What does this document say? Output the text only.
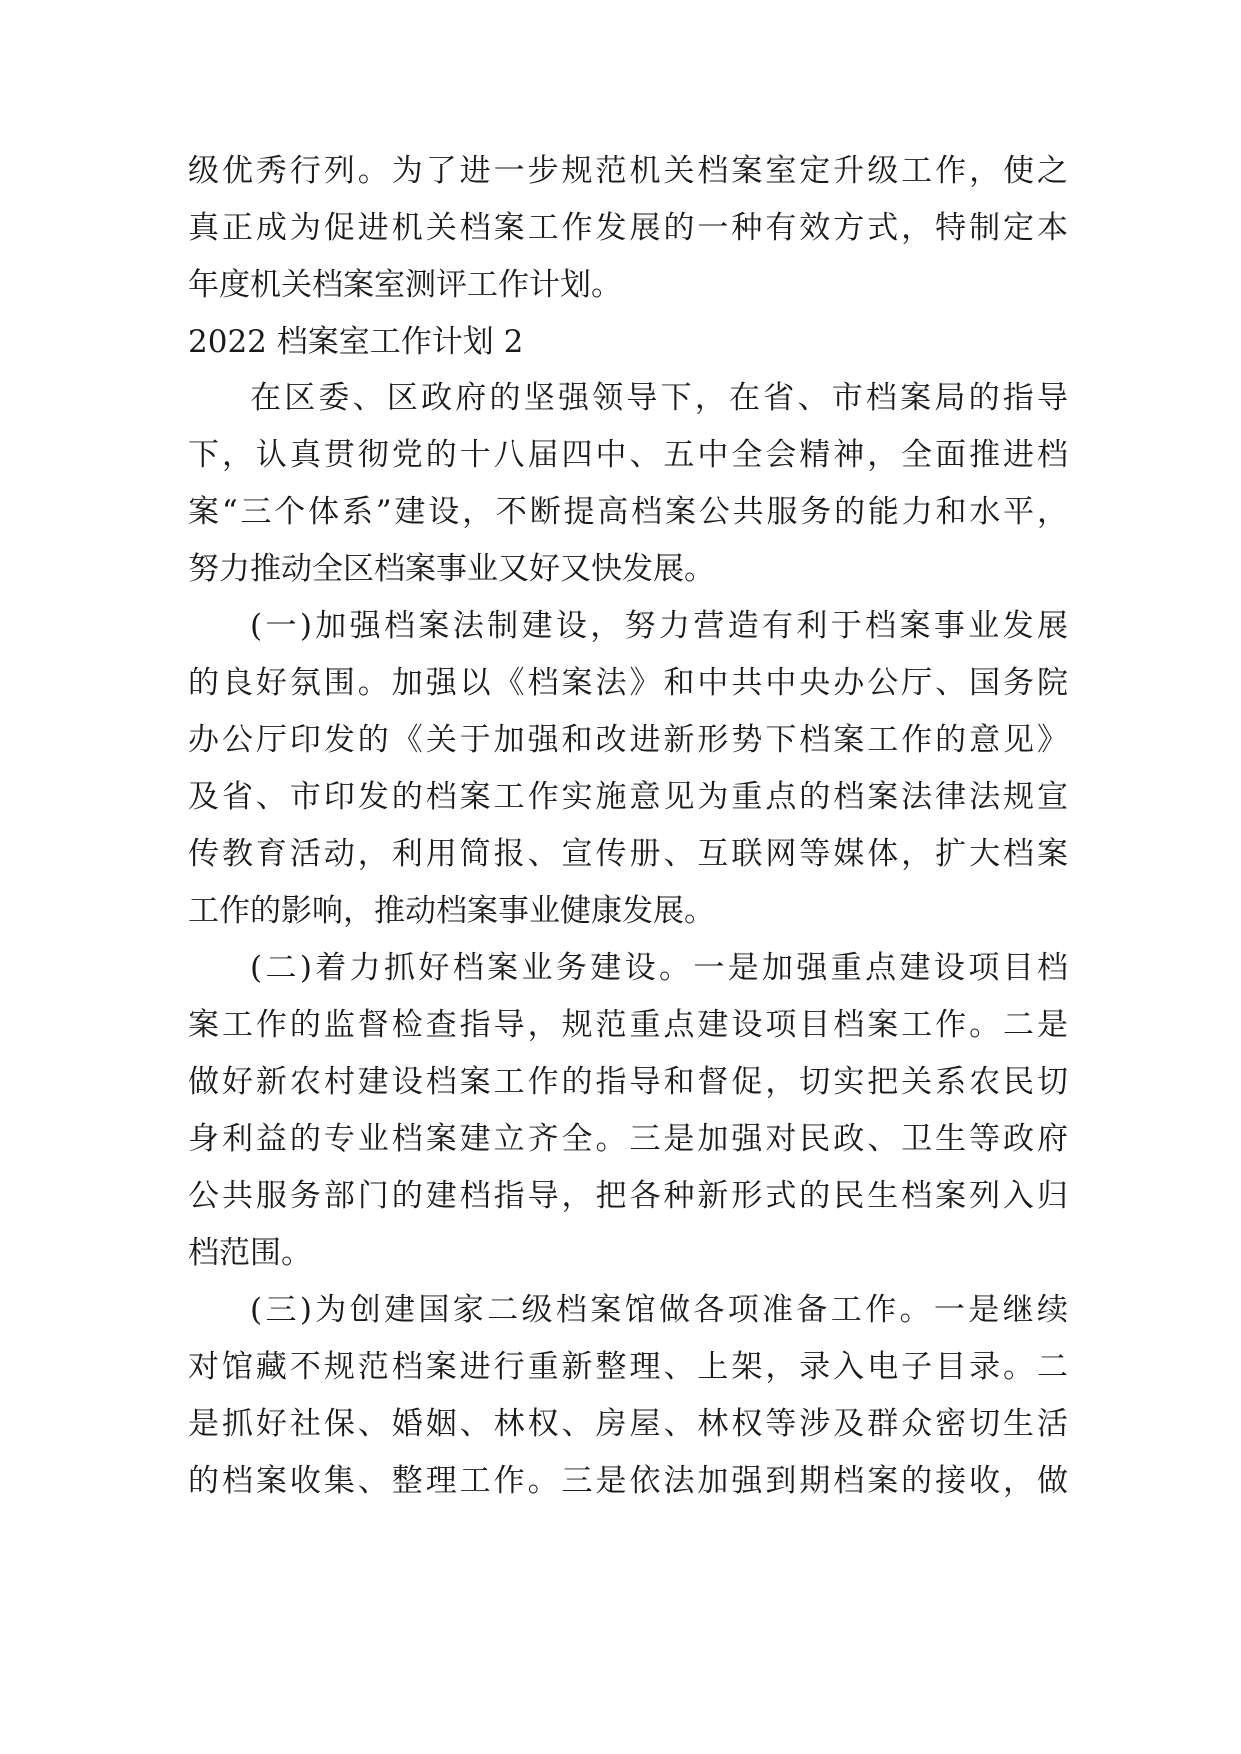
级优秀行列。为了进一步规范机关档案室定升级工作，使之
真正成为促进机关档案工作发展的一种有效方式，特制定本
年度机关档案室测评工作计划。
2022 档案室工作计划 2
在区委、区政府的坚强领导下，在省、市档案局的指导
下，认真贯彻党的十八届四中、五中全会精神，全面推进档
案“三个体系”建设，不断提高档案公共服务的能力和水平，
努力推动全区档案事业又好又快发展。
(一)加强档案法制建设，努力营造有利于档案事业发展
的良好氛围。加强以《档案法》和中共中央办公厅、国务院
办公厅印发的《关于加强和改进新形势下档案工作的意见》
及省、市印发的档案工作实施意见为重点的档案法律法规宣
传教育活动，利用简报、宣传册、互联网等媒体，扩大档案
工作的影响，推动档案事业健康发展。
(二)着力抓好档案业务建设。一是加强重点建设项目档
案工作的监督检查指导，规范重点建设项目档案工作。二是
做好新农村建设档案工作的指导和督促，切实把关系农民切
身利益的专业档案建立齐全。三是加强对民政、卫生等政府
公共服务部门的建档指导，把各种新形式的民生档案列入归
档范围。
(三)为创建国家二级档案馆做各项准备工作。一是继续
对馆藏不规范档案进行重新整理、上架，录入电子目录。二
是抓好社保、婚姻、林权、房屋、林权等涉及群众密切生活
的档案收集、整理工作。三是依法加强到期档案的接收，做
